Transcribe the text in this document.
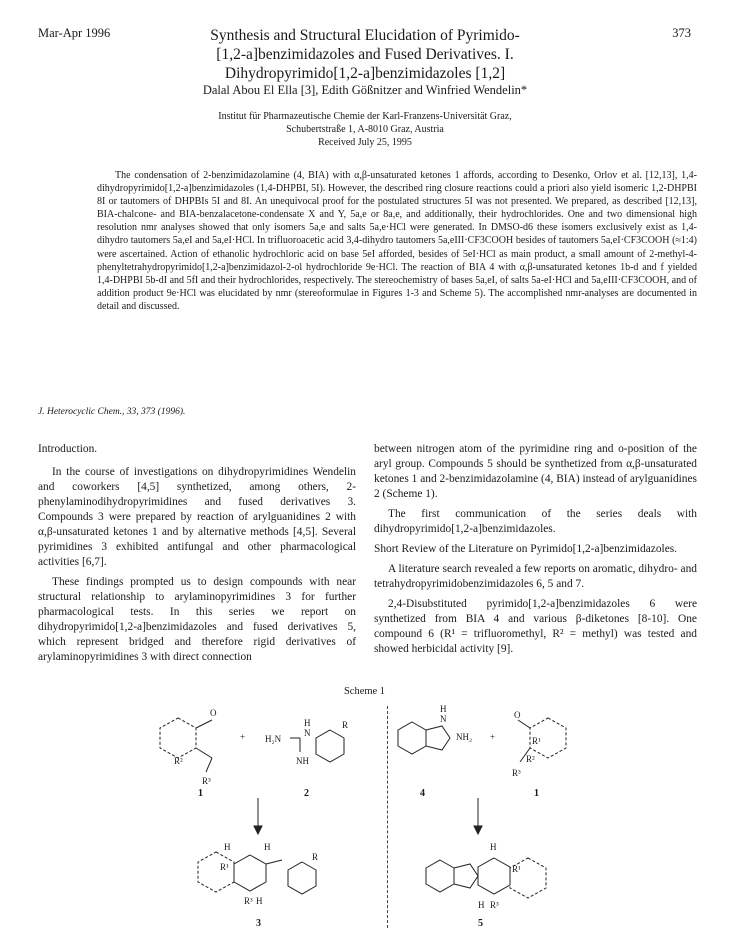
Mar-Apr 1996	373
Synthesis and Structural Elucidation of Pyrimido-
[1,2-a]benzimidazoles and Fused Derivatives. I.
Dihydropyrimido[1,2-a]benzimidazoles [1,2]
Dalal Abou El Ella [3], Edith Gößnitzer and Winfried Wendelin*
Institut für Pharmazeutische Chemie der Karl-Franzens-Universität Graz,
Schubertstraße 1, A-8010 Graz, Austria
Received July 25, 1995
The condensation of 2-benzimidazolamine (4, BIA) with α,β-unsaturated ketones 1 affords, according to Desenko, Orlov et al. [12,13], 1,4-dihydropyrimido[1,2-a]benzimidazoles (1,4-DHPBI, 5I). However, the described ring closure reactions could a priori also yield isomeric 1,2-DHPBI 8I or tautomers of DHPBIs 5I and 8I. An unequivocal proof for the postulated structures 5I was not presented. We prepared, as described [12,13], BIA-chalcone- and BIA-benzalacetone-condensate X and Y, 5a,e or 8a,e, and additionally, their hydrochlorides. One and two dimensional high resolution nmr analyses showed that only isomers 5a,e and salts 5a,e·HCl were generated. In DMSO-d6 these isomers exclusively exist as 1,4-dihydro tautomers 5a,eI and 5a,eI·HCl. In trifluoroacetic acid 3,4-dihydro tautomers 5a,eIII·CF3COOH besides of tautomers 5a,eI·CF3COOH (≈1:4) were ascertained. Action of ethanolic hydrochloric acid on base 5eI afforded, besides of 5eI·HCl as main product, a small amount of 2-methyl-4-phenyltetrahydropyrimido[1,2-a]benzimidazol-2-ol hydrochloride 9e·HCl. The reaction of BIA 4 with α,β-unsaturated ketones 1b-d and f yielded 1,4-DHPBI 5b-dI and 5fI and their hydrochlorides, respectively. The stereochemistry of bases 5a,eI, of salts 5a-eI·HCl and 5a,eIII·CF3COOH, and of addition product 9e·HCl was elucidated by nmr (stereoformulae in Figures 1-3 and Scheme 5). The accomplished nmr-analyses are documented in detail and discussed.
J. Heterocyclic Chem., 33, 373 (1996).

Introduction.

In the course of investigations on dihydropyrimidines Wendelin and coworkers [4,5] synthetized, among others, 2-phenylaminodihydropyrimidines and fused derivatives 3. Compounds 3 were prepared by reaction of arylguanidines 2 with α,β-unsaturated ketones 1 and by alternative methods [4,5]. Several pyrimidines 3 exhibited antifungal and other pharmacological activities [6,7].

These findings prompted us to design compounds with near structural relationship to arylaminopyrimidines 3 for further pharmacological tests. In this series we report on dihydropyrimido[1,2-a]benzimidazoles and fused derivatives 5, which represent bridged and therefore rigid derivatives of arylaminopyrimidines 3 with direct connection

between nitrogen atom of the pyrimidine ring and o-position of the aryl group. Compounds 5 should be synthetized from α,β-unsaturated ketones 1 and 2-benzimidazolamine (4, BIA) instead of arylguanidines 2 (Scheme 1).

The first communication of the series deals with dihydropyrimido[1,2-a]benzimidazoles.

Short Review of the Literature on Pyrimido[1,2-a]benzimidazoles.

A literature search revealed a few reports on aromatic, dihydro- and tetrahydropyrimidobenzimidazoles 6, 5 and 7.

2,4-Disubstituted pyrimido[1,2-a]benzimidazoles 6 were synthetized from BIA 4 and various β-diketones [8-10]. One compound 6 (R¹ = trifluoromethyl, R² = methyl) was tested and showed herbicidal activity [9].

Scheme 1
O
R³
R²
+ H₂N
NH
N
H	R
N
H
NH₂ +
O
R¹
R²
R³
H	H
R¹
R³ H
R
H
R¹
R³
H
1	2	4	1
3	5
